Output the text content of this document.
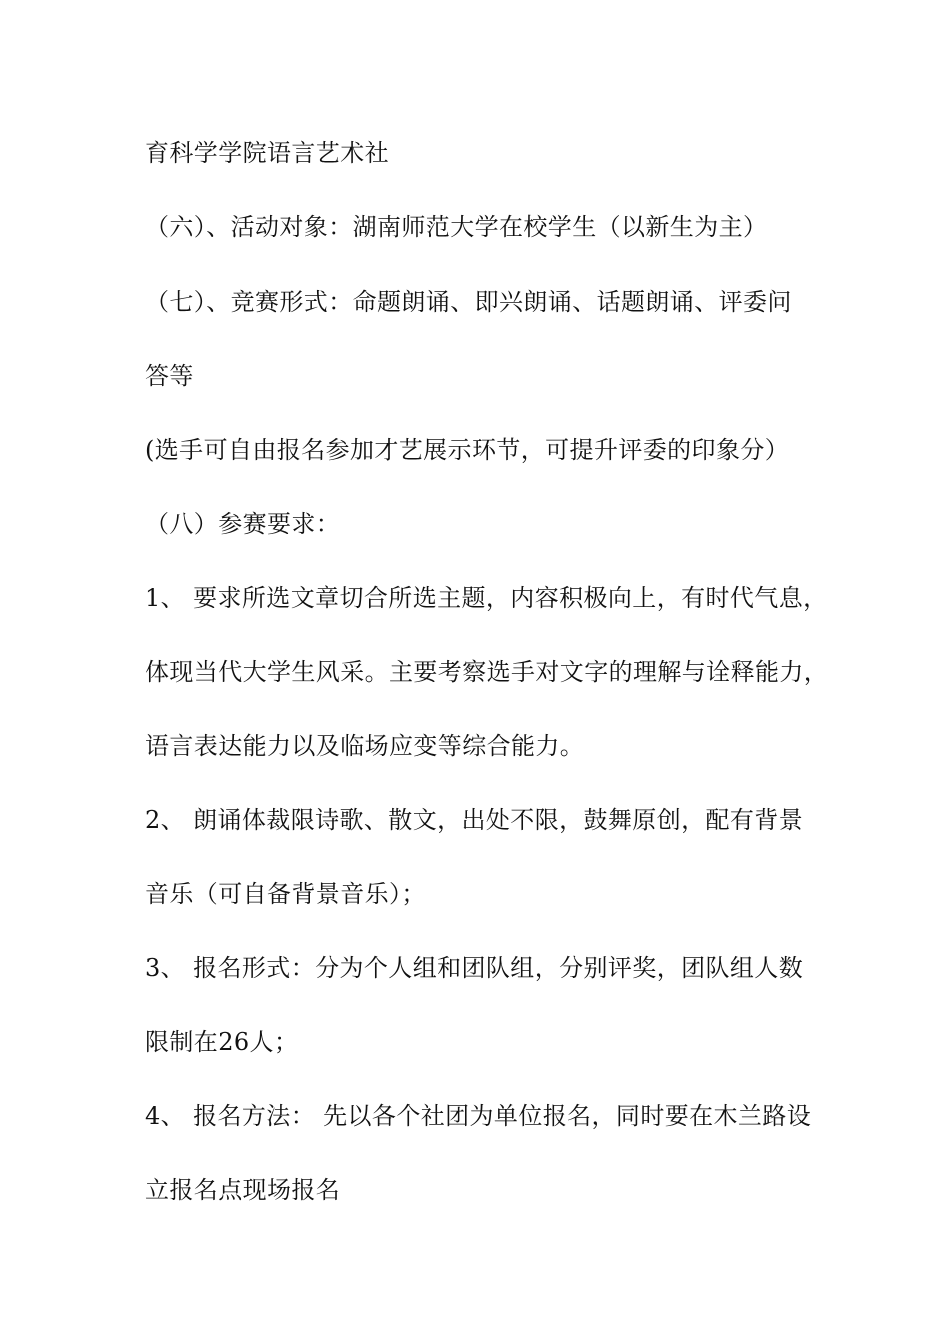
育科学学院语言艺术社
（六）、活动对象：湖南师范大学在校学生（以新生为主）
（七）、竞赛形式：命题朗诵、即兴朗诵、话题朗诵、评委问
答等
(选手可自由报名参加才艺展示环节，可提升评委的印象分）
（八）参赛要求：
1、 要求所选文章切合所选主题，内容积极向上，有时代气息，
体现当代大学生风采。主要考察选手对文字的理解与诠释能力，
语言表达能力以及临场应变等综合能力。
2、 朗诵体裁限诗歌、散文，出处不限，鼓舞原创，配有背景
音乐（可自备背景音乐）；
3、 报名形式：分为个人组和团队组，分别评奖，团队组人数
限制在26人；
4、 报名方法： 先以各个社团为单位报名，同时要在木兰路设
立报名点现场报名
